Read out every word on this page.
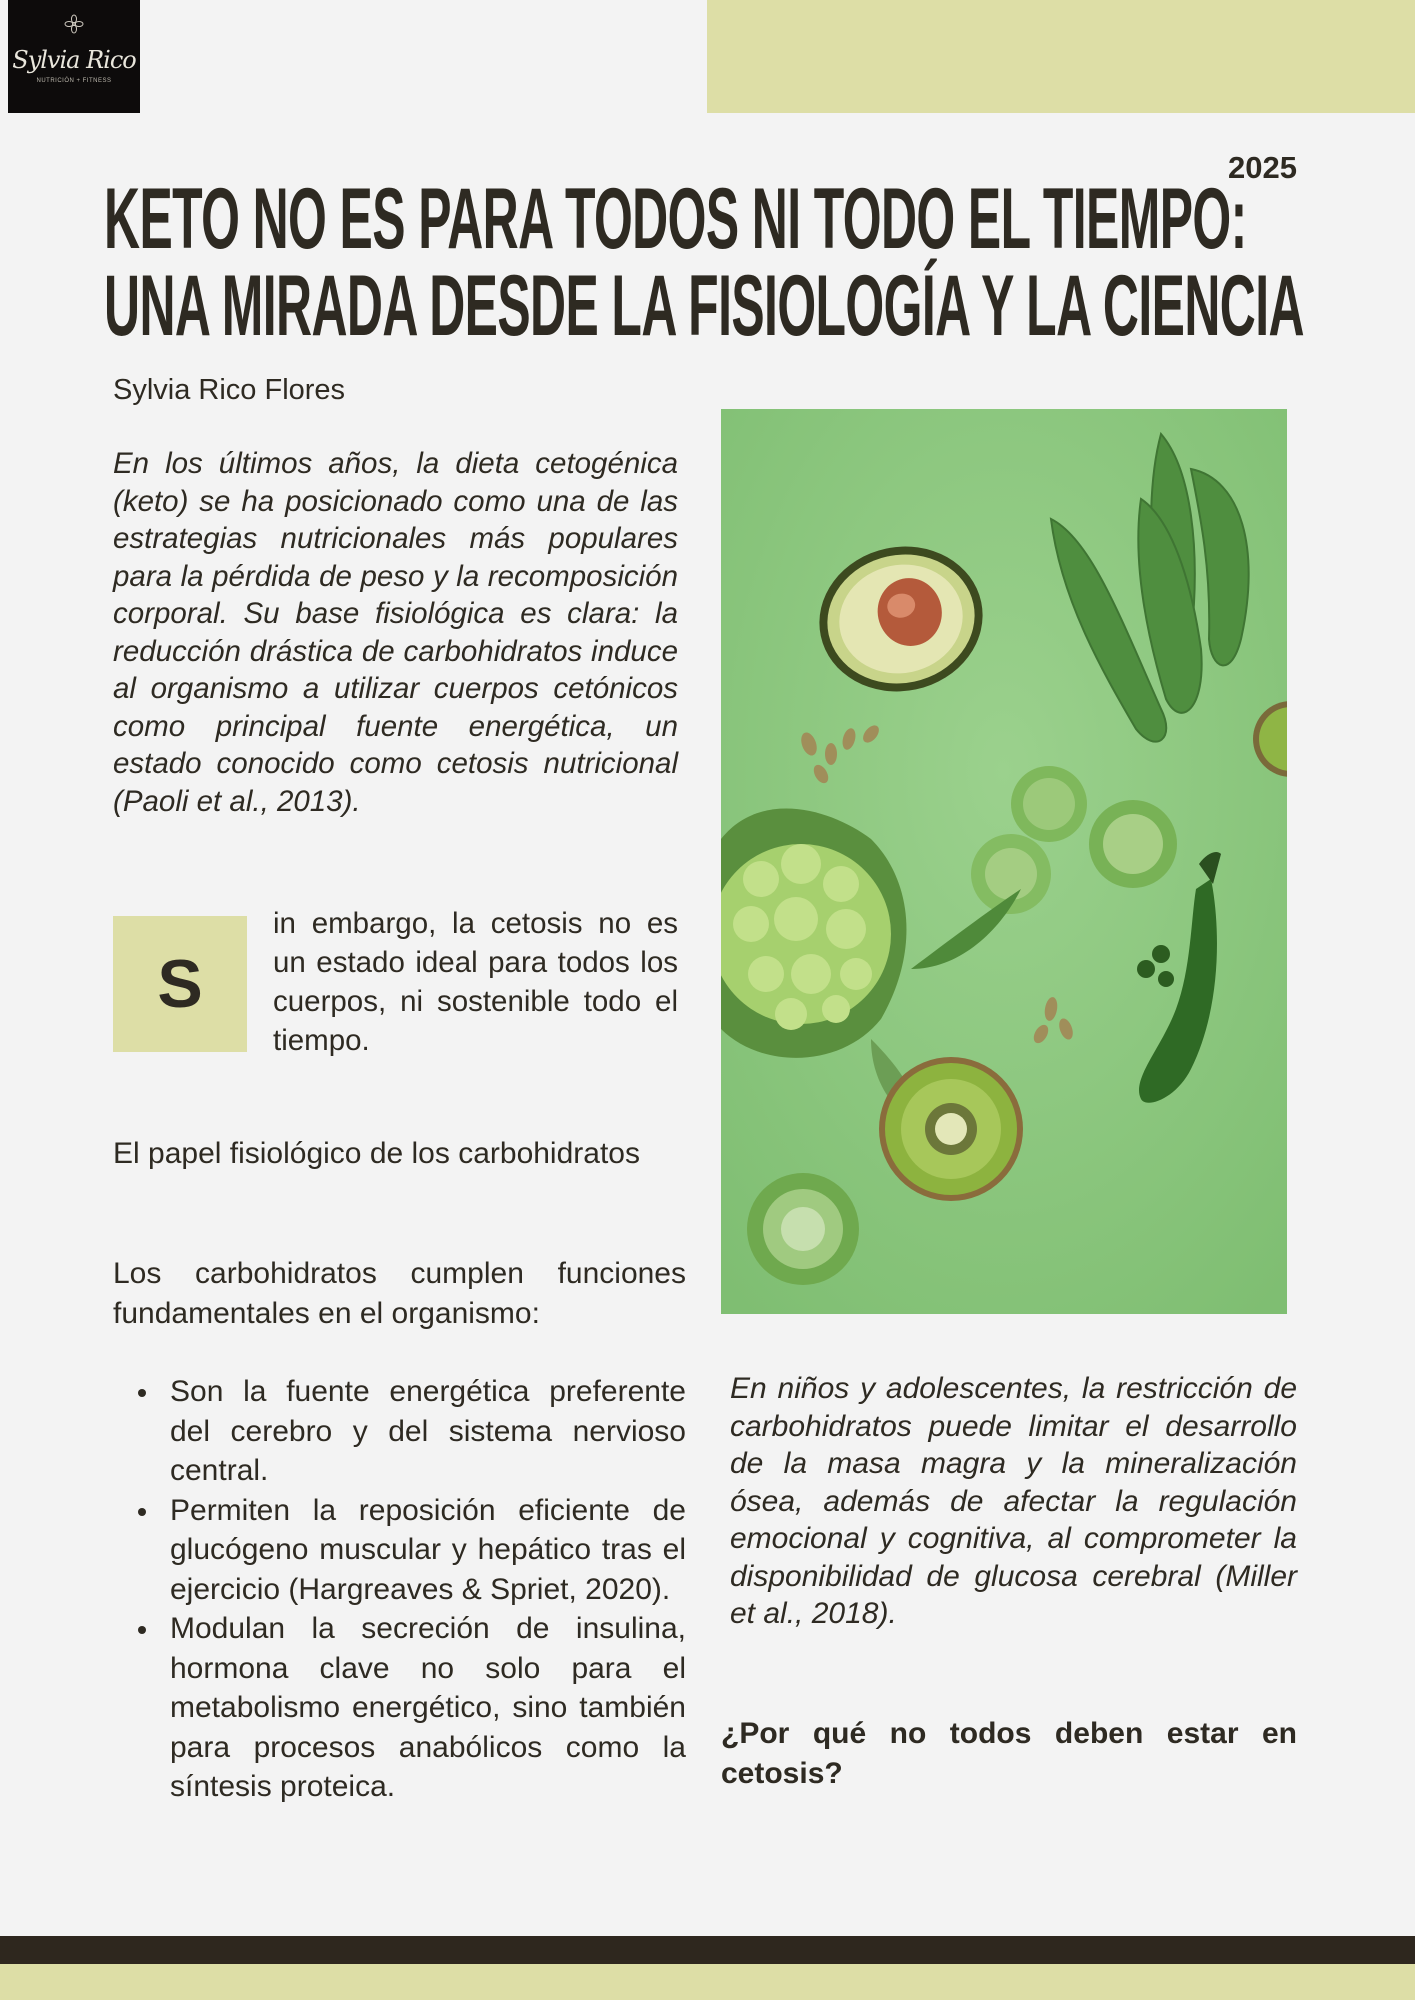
Sylvia Rico
NUTRICIÓN + FITNESS
2025
KETO NO ES PARA TODOS NI TODO EL TIEMPO:
UNA MIRADA DESDE LA FISIOLOGÍA Y LA CIENCIA
Sylvia Rico Flores

En los últimos años, la dieta cetogénica (keto) se ha posicionado como una de las estrategias nutricionales más populares para la pérdida de peso y la recomposición corporal. Su base fisiológica es clara: la reducción drástica de carbohidratos induce al organismo a utilizar cuerpos cetónicos como principal fuente energética, un estado conocido como cetosis nutricional (Paoli et al., 2013).

S

in embargo, la cetosis no es un estado ideal para todos los cuerpos, ni sostenible todo el tiempo.

El papel fisiológico de los carbohidratos

Los carbohidratos cumplen funciones fundamentales en el organismo:

Son la fuente energética preferente del cerebro y del sistema nervioso central.
Permiten la reposición eficiente de glucógeno muscular y hepático tras el ejercicio (Hargreaves & Spriet, 2020).
Modulan la secreción de insulina, hormona clave no solo para el metabolismo energético, sino también para procesos anabólicos como la síntesis proteica.

En niños y adolescentes, la restricción de carbohidratos puede limitar el desarrollo de la masa magra y la mineralización ósea, además de afectar la regulación emocional y cognitiva, al comprometer la disponibilidad de glucosa cerebral (Miller et al., 2018).

¿Por qué no todos deben estar en cetosis?
